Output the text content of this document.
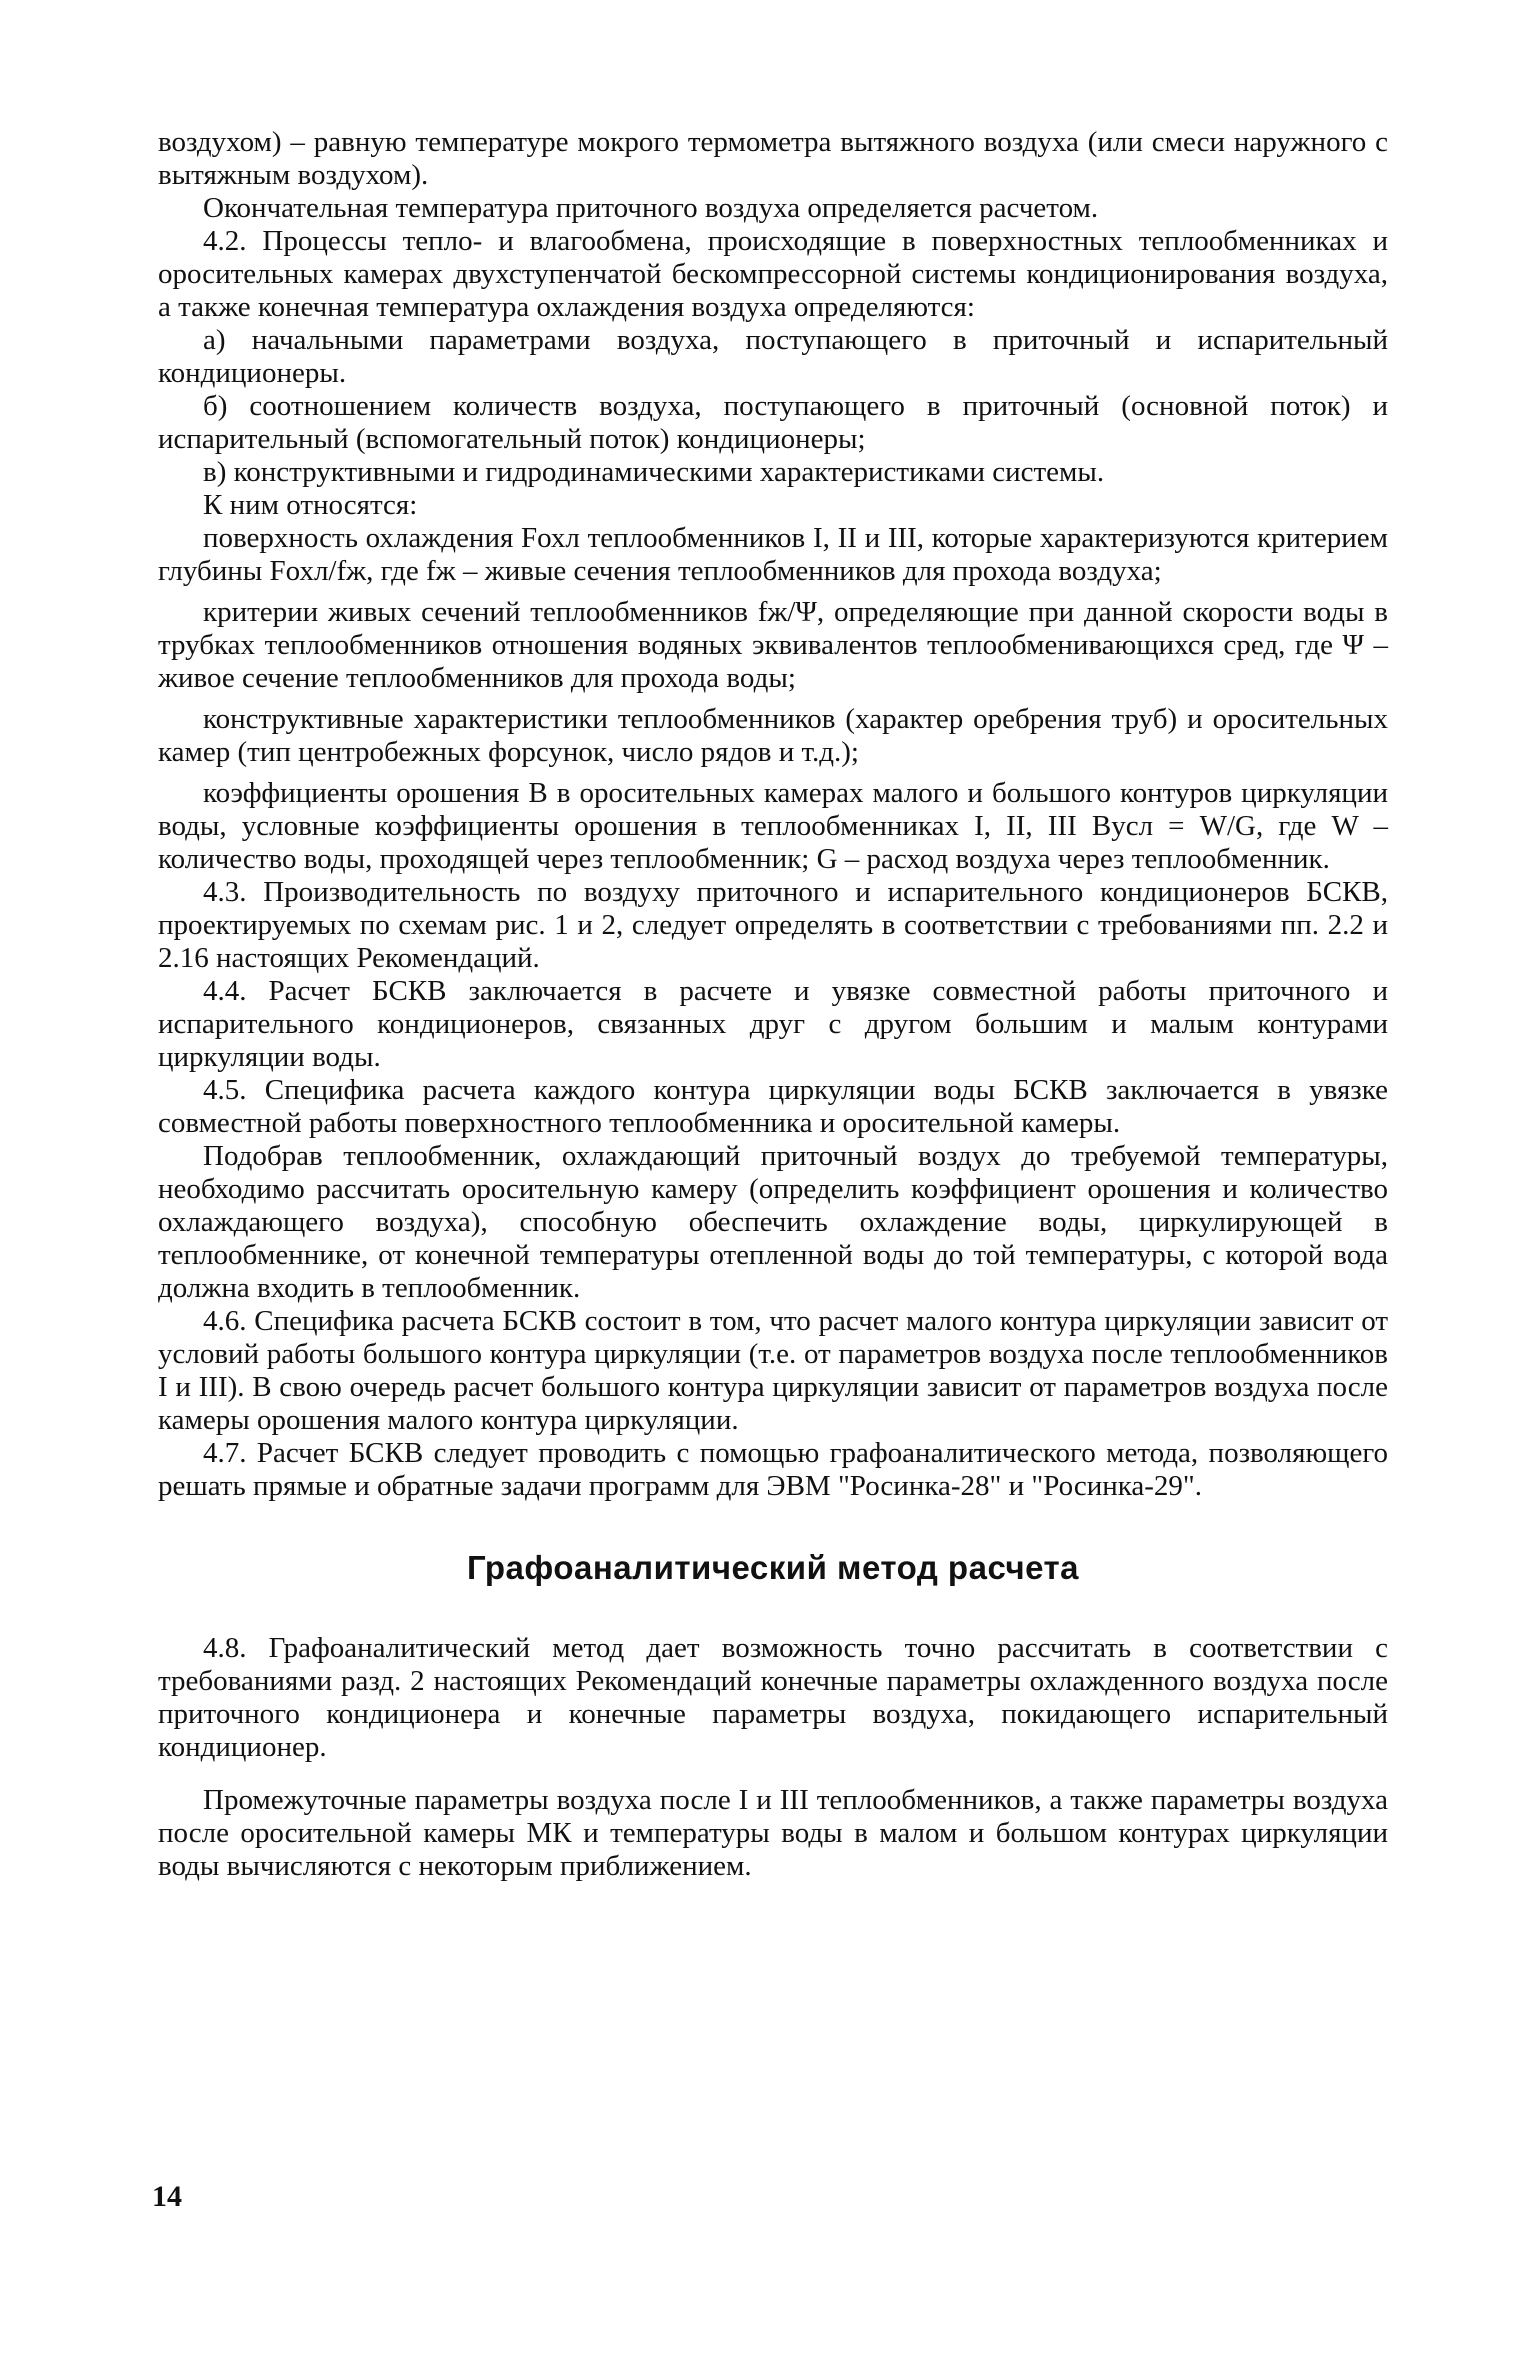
воздухом) – равную температуре мокрого термометра вытяжного воздуха (или смеси наружного с вытяжным воздухом).

Окончательная температура приточного воздуха определяется расчетом.

4.2. Процессы тепло- и влагообмена, происходящие в поверхностных теплообменниках и оросительных камерах двухступенчатой бескомпрессорной системы кондиционирования воздуха, а также конечная температура охлаждения воздуха определяются:

а) начальными параметрами воздуха, поступающего в приточный и испарительный кондиционеры.

б) соотношением количеств воздуха, поступающего в приточный (основной поток) и испарительный (вспомогательный поток) кондиционеры;

в) конструктивными и гидродинамическими характеристиками системы.

К ним относятся:

поверхность охлаждения Fохл теплообменников I, II и III, которые характеризуются критерием глубины Fохл/fж, где fж – живые сечения теплообменников для прохода воздуха;

критерии живых сечений теплообменников fж/Ψ, определяющие при данной скорости воды в трубках теплообменников отношения водяных эквивалентов теплообменивающихся сред, где Ψ – живое сечение теплообменников для прохода воды;

конструктивные характеристики теплообменников (характер оребрения труб) и оросительных камер (тип центробежных форсунок, число рядов и т.д.);

коэффициенты орошения B в оросительных камерах малого и большого контуров циркуляции воды, условные коэффициенты орошения в теплообменниках I, II, III Bусл = W/G, где W – количество воды, проходящей через теплообменник; G – расход воздуха через теплообменник.

4.3. Производительность по воздуху приточного и испарительного кондиционеров БСКВ, проектируемых по схемам рис. 1 и 2, следует определять в соответствии с требованиями пп. 2.2 и 2.16 настоящих Рекомендаций.

4.4. Расчет БСКВ заключается в расчете и увязке совместной работы приточного и испарительного кондиционеров, связанных друг с другом большим и малым контурами циркуляции воды.

4.5. Специфика расчета каждого контура циркуляции воды БСКВ заключается в увязке совместной работы поверхностного теплообменника и оросительной камеры.

Подобрав теплообменник, охлаждающий приточный воздух до требуемой температуры, необходимо рассчитать оросительную камеру (определить коэффициент орошения и количество охлаждающего воздуха), способную обеспечить охлаждение воды, циркулирующей в теплообменнике, от конечной температуры отепленной воды до той температуры, с которой вода должна входить в теплообменник.

4.6. Специфика расчета БСКВ состоит в том, что расчет малого контура циркуляции зависит от условий работы большого контура циркуляции (т.е. от параметров воздуха после теплообменников I и III). В свою очередь расчет большого контура циркуляции зависит от параметров воздуха после камеры орошения малого контура циркуляции.

4.7. Расчет БСКВ следует проводить с помощью графоаналитического метода, позволяющего решать прямые и обратные задачи программ для ЭВМ "Росинка-28" и "Росинка-29".

Графоаналитический метод расчета

4.8. Графоаналитический метод дает возможность точно рассчитать в соответствии с требованиями разд. 2 настоящих Рекомендаций конечные параметры охлажденного воздуха после приточного кондиционера и конечные параметры воздуха, покидающего испарительный кондиционер.

Промежуточные параметры воздуха после I и III теплообменников, а также параметры воздуха после оросительной камеры МК и температуры воды в малом и большом контурах циркуляции воды вычисляются с некоторым приближением.

14
